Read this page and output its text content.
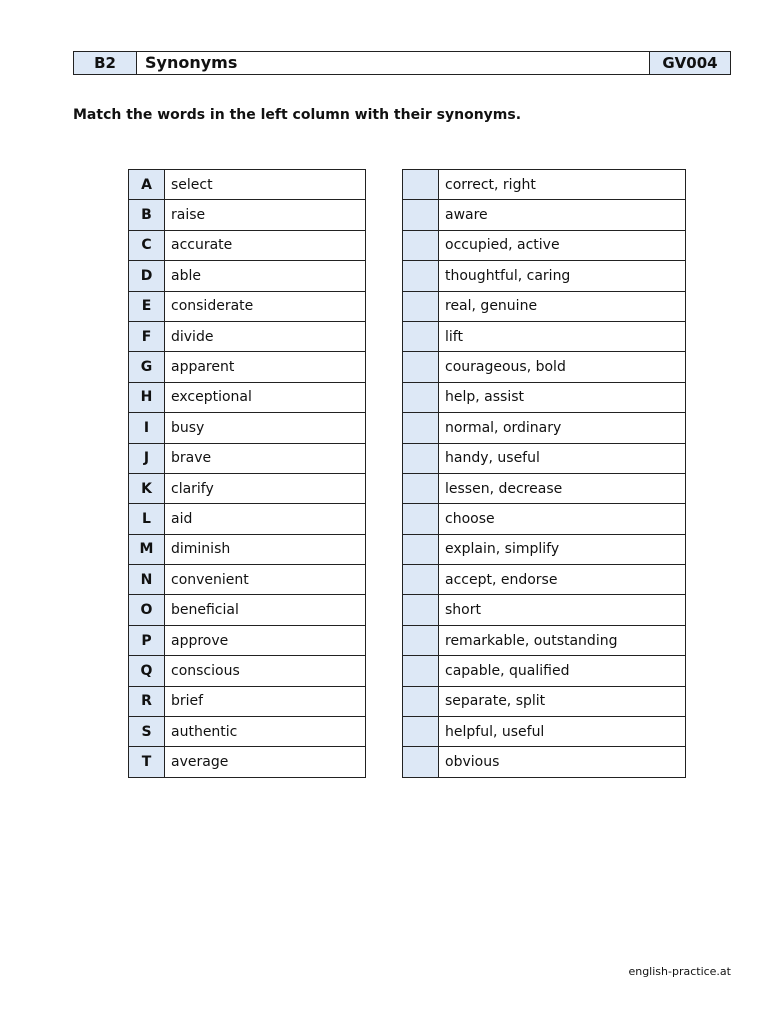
B2	Synonyms	GV004
Match the words in the left column with their synonyms.
A	select
B	raise
C	accurate
D	able
E	considerate
F	divide
G	apparent
H	exceptional
I	busy
J	brave
K	clarify
L	aid
M	diminish
N	convenient
O	beneficial
P	approve
Q	conscious
R	brief
S	authentic
T	average
	correct, right
	aware
	occupied, active
	thoughtful, caring
	real, genuine
	lift
	courageous, bold
	help, assist
	normal, ordinary
	handy, useful
	lessen, decrease
	choose
	explain, simplify
	accept, endorse
	short
	remarkable, outstanding
	capable, qualified
	separate, split
	helpful, useful
	obvious
english-practice.at
